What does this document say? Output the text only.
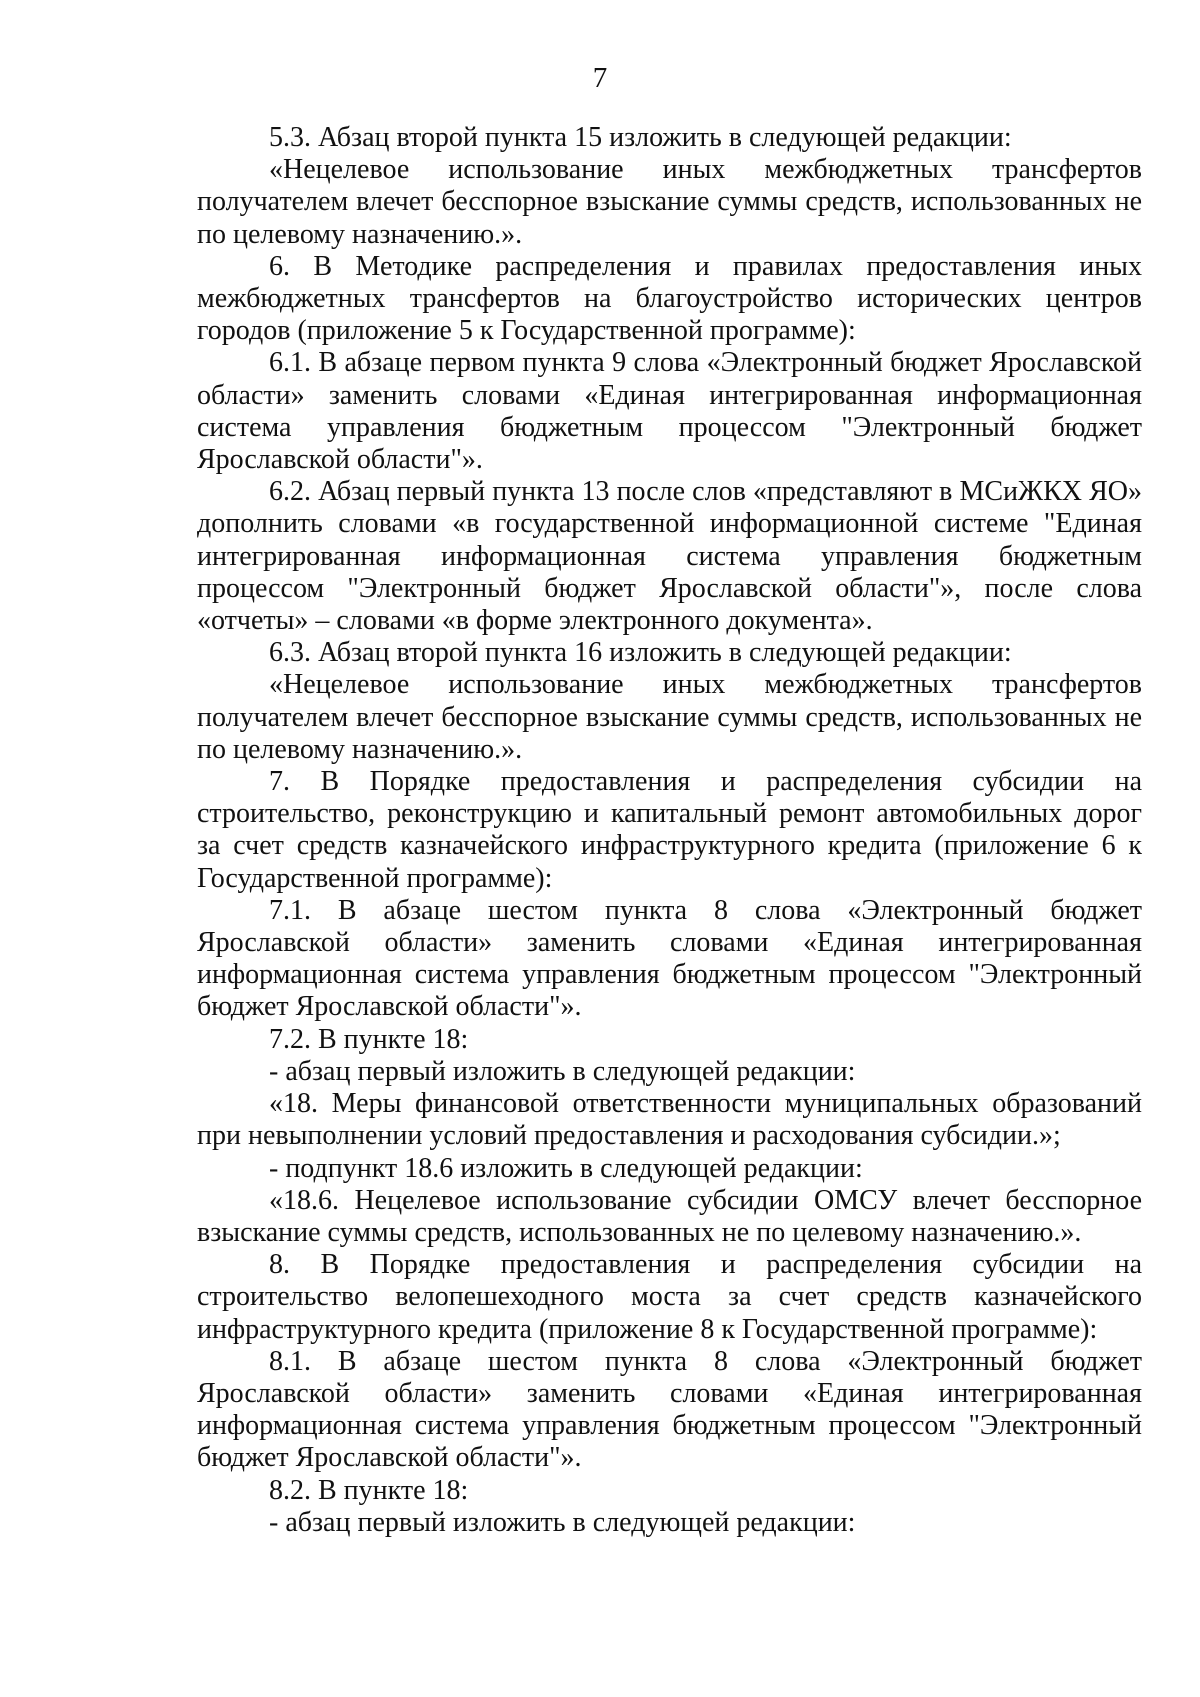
7

5.3. Абзац второй пункта 15 изложить в следующей редакции:

«Нецелевое использование иных межбюджетных трансфертов получателем влечет бесспорное взыскание суммы средств, использованных не по целевому назначению.».

6. В Методике распределения и правилах предоставления иных межбюджетных трансфертов на благоустройство исторических центров городов (приложение 5 к Государственной программе):

6.1. В абзаце первом пункта 9 слова «Электронный бюджет Ярославской области» заменить словами «Единая интегрированная информационная система управления бюджетным процессом "Электронный бюджет Ярославской области"».

6.2. Абзац первый пункта 13 после слов «представляют в МСиЖКХ ЯО» дополнить словами «в государственной информационной системе "Единая интегрированная информационная система управления бюджетным процессом "Электронный бюджет Ярославской области"», после слова «отчеты» – словами «в форме электронного документа».

6.3. Абзац второй пункта 16 изложить в следующей редакции:

«Нецелевое использование иных межбюджетных трансфертов получателем влечет бесспорное взыскание суммы средств, использованных не по целевому назначению.».

7. В Порядке предоставления и распределения субсидии на строительство, реконструкцию и капитальный ремонт автомобильных дорог за счет средств казначейского инфраструктурного кредита (приложение 6 к Государственной программе):

7.1. В абзаце шестом пункта 8 слова «Электронный бюджет Ярославской области» заменить словами «Единая интегрированная информационная система управления бюджетным процессом "Электронный бюджет Ярославской области"».

7.2. В пункте 18:

- абзац первый изложить в следующей редакции:

«18. Меры финансовой ответственности муниципальных образований при невыполнении условий предоставления и расходования субсидии.»;

- подпункт 18.6 изложить в следующей редакции:

«18.6. Нецелевое использование субсидии ОМСУ влечет бесспорное взыскание суммы средств, использованных не по целевому назначению.».

8. В Порядке предоставления и распределения субсидии на строительство велопешеходного моста за счет средств казначейского инфраструктурного кредита (приложение 8 к Государственной программе):

8.1. В абзаце шестом пункта 8 слова «Электронный бюджет Ярославской области» заменить словами «Единая интегрированная информационная система управления бюджетным процессом "Электронный бюджет Ярославской области"».

8.2. В пункте 18:

- абзац первый изложить в следующей редакции:
